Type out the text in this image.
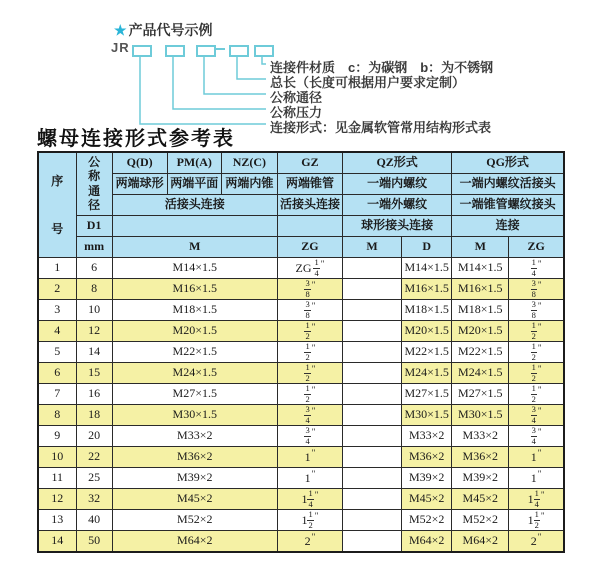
★ 产品代号示例
JR
连接件材质　c：为碳钢　b：为不锈钢
总长（长度可根据用户要求定制）
公称通径
公称压力
连接形式：见金属软管常用结构形式表
螺母连接形式参考表
序
号	公
称
通
径	Q(D)	PM(A)	NZ(C)	GZ	QZ形式		QG形式	
		两端球形	两端平面	两端内锥	两端锥管	一端内螺纹		一端内螺纹活接头	
		活接头连接			活接头连接	一端外螺纹		一端锥管螺纹接头	
	D1					球形接头连接		连接	
	mm	M			ZG	M	D	M	ZG
1	6	M14×1.5			ZG $\frac{1}{4} ^"$		M14×1.5	M14×1.5	$\frac{1}{4} ^"$
2	8	M16×1.5			$\frac{3}{8} ^"$		M16×1.5	M16×1.5	$\frac{3}{8} ^"$
3	10	M18×1.5			$\frac{3}{8} ^"$		M18×1.5	M18×1.5	$\frac{3}{8} ^"$
4	12	M20×1.5			$\frac{1}{2} ^"$		M20×1.5	M20×1.5	$\frac{1}{2} ^"$
5	14	M22×1.5			$\frac{1}{2} ^"$		M22×1.5	M22×1.5	$\frac{1}{2} ^"$
6	15	M24×1.5			$\frac{1}{2} ^"$		M24×1.5	M24×1.5	$\frac{1}{2} ^"$
7	16	M27×1.5			$\frac{1}{2} ^"$		M27×1.5	M27×1.5	$\frac{1}{2} ^"$
8	18	M30×1.5			$\frac{3}{4} ^"$		M30×1.5	M30×1.5	$\frac{3}{4} ^"$
9	20	M33×2			$\frac{3}{4} ^"$		M33×2	M33×2	$\frac{3}{4} ^"$
10	22	M36×2			1"		M36×2	M36×2	1"
11	25	M39×2			1"		M39×2	M39×2	1"
12	32	M45×2			$1 \frac{1}{4} ^"$		M45×2	M45×2	$1 \frac{1}{4} ^"$
13	40	M52×2			$1 \frac{1}{2} ^"$		M52×2	M52×2	$1 \frac{1}{2} ^"$
14	50	M64×2			2"		M64×2	M64×2	2"
